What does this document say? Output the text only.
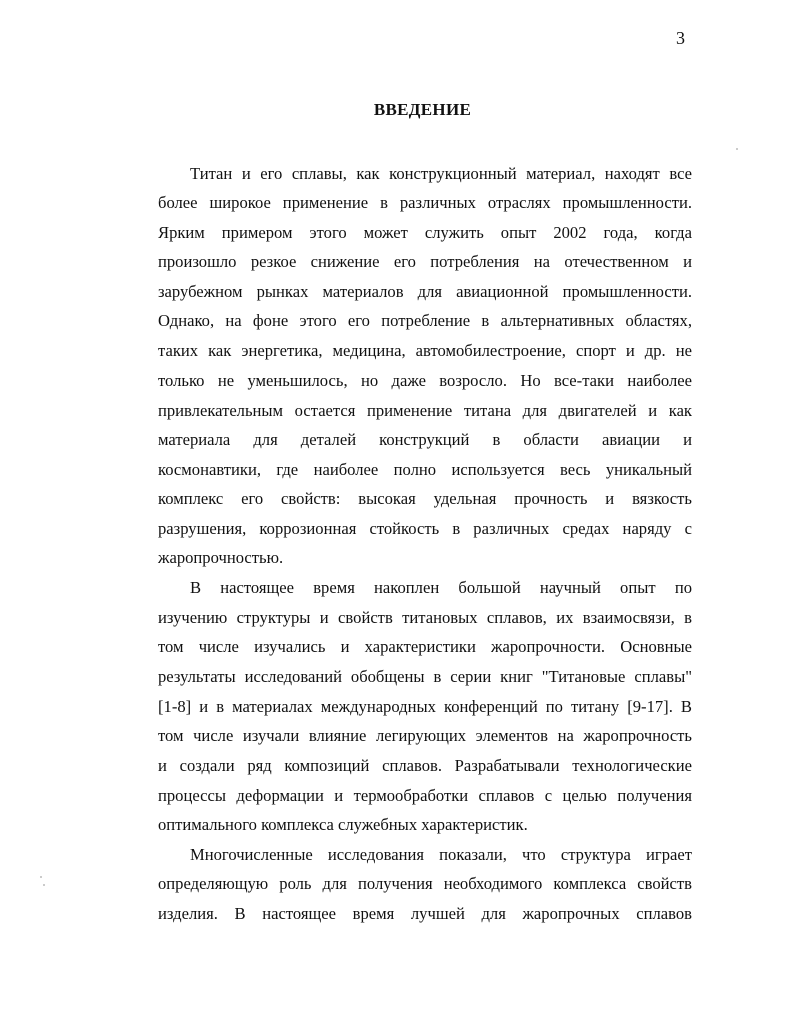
3
ВВЕДЕНИЕ
Титан и его сплавы, как конструкционный материал, находят все
более широкое применение в различных отраслях промышленности.
Ярким примером этого может служить опыт 2002 года, когда
произошло резкое снижение его потребления на отечественном и
зарубежном рынках материалов для авиационной промышленности.
Однако, на фоне этого его потребление в альтернативных областях,
таких как энергетика, медицина, автомобилестроение, спорт и др. не
только не уменьшилось, но даже возросло. Но все-таки наиболее
привлекательным остается применение титана для двигателей и как
материала для деталей конструкций в области авиации и
космонавтики, где наиболее полно используется весь уникальный
комплекс его свойств: высокая удельная прочность и вязкость
разрушения, коррозионная стойкость в различных средах наряду с
жаропрочностью.
В настоящее время накоплен большой научный опыт по
изучению структуры и свойств титановых сплавов, их взаимосвязи, в
том числе изучались и характеристики жаропрочности. Основные
результаты исследований обобщены в серии книг "Титановые сплавы"
[1-8] и в материалах международных конференций по титану [9-17]. В
том числе изучали влияние легирующих элементов на жаропрочность
и создали ряд композиций сплавов. Разрабатывали технологические
процессы деформации и термообработки сплавов с целью получения
оптимального комплекса служебных характеристик.
Многочисленные исследования показали, что структура играет
определяющую роль для получения необходимого комплекса свойств
изделия. В настоящее время лучшей для жаропрочных сплавов
